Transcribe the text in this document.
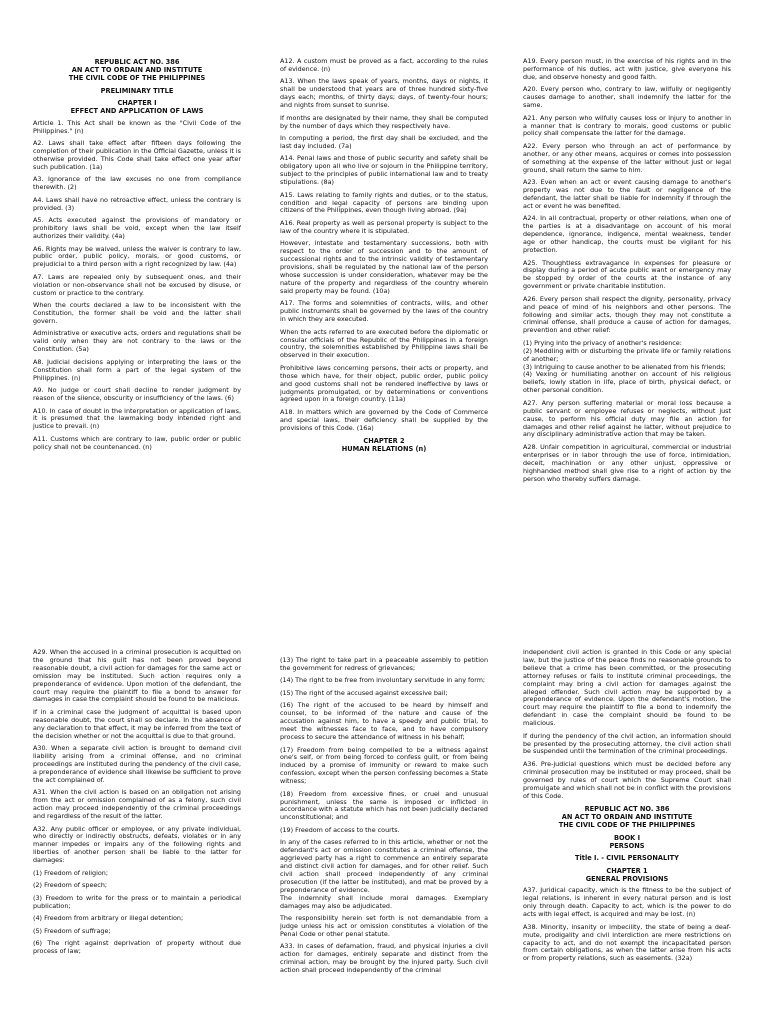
REPUBLIC ACT NO. 386
AN ACT TO ORDAIN AND INSTITUTE
THE CIVIL CODE OF THE PHILIPPINES
PRELIMINARY TITLE
CHAPTER I
EFFECT AND APPLICATION OF LAWS

Article 1. This Act shall be known as the "Civil Code of the Philippines." (n)

A2. Laws shall take effect after fifteen days following the completion of their publication in the Official Gazette, unless it is otherwise provided. This Code shall take effect one year after such publication. (1a)

A3. Ignorance of the law excuses no one from compliance therewith. (2)

A4. Laws shall have no retroactive effect, unless the contrary is provided. (3)

A5. Acts executed against the provisions of mandatory or prohibitory laws shall be void, except when the law itself authorizes their validity. (4a)

A6. Rights may be waived, unless the waiver is contrary to law, public order, public policy, morals, or good customs, or prejudicial to a third person with a right recognized by law. (4a)

A7. Laws are repealed only by subsequent ones, and their violation or non-observance shall not be excused by disuse, or custom or practice to the contrary.

When the courts declared a law to be inconsistent with the Constitution, the former shall be void and the latter shall govern.

Administrative or executive acts, orders and regulations shall be valid only when they are not contrary to the laws or the Constitution. (5a)

A8. Judicial decisions applying or interpreting the laws or the Constitution shall form a part of the legal system of the Philippines. (n)

A9. No judge or court shall decline to render judgment by reason of the silence, obscurity or insufficiency of the laws. (6)

A10. In case of doubt in the interpretation or application of laws, it is presumed that the lawmaking body intended right and justice to prevail. (n)

A11. Customs which are contrary to law, public order or public policy shall not be countenanced. (n)

A12. A custom must be proved as a fact, according to the rules of evidence. (n)

A13. When the laws speak of years, months, days or nights, it shall be understood that years are of three hundred sixty-five days each; months, of thirty days; days, of twenty-four hours; and nights from sunset to sunrise.

If months are designated by their name, they shall be computed by the number of days which they respectively have.

In computing a period, the first day shall be excluded, and the last day included. (7a)

A14. Penal laws and those of public security and safety shall be obligatory upon all who live or sojourn in the Philippine territory, subject to the principles of public international law and to treaty stipulations. (8a)

A15. Laws relating to family rights and duties, or to the status, condition and legal capacity of persons are binding upon citizens of the Philippines, even though living abroad. (9a)

A16. Real property as well as personal property is subject to the law of the country where it is stipulated.

However, intestate and testamentary successions, both with respect to the order of succession and to the amount of successional rights and to the intrinsic validity of testamentary provisions, shall be regulated by the national law of the person whose succession is under consideration, whatever may be the nature of the property and regardless of the country wherein said property may be found. (10a)

A17. The forms and solemnities of contracts, wills, and other public instruments shall be governed by the laws of the country in which they are executed.

When the acts referred to are executed before the diplomatic or consular officials of the Republic of the Philippines in a foreign country, the solemnities established by Philippine laws shall be observed in their execution.

Prohibitive laws concerning persons, their acts or property, and those which have, for their object, public order, public policy and good customs shall not be rendered ineffective by laws or judgments promulgated, or by determinations or conventions agreed upon in a foreign country. (11a)

A18. In matters which are governed by the Code of Commerce and special laws, their deficiency shall be supplied by the provisions of this Code. (16a)

CHAPTER 2
HUMAN RELATIONS (n)

A19. Every person must, in the exercise of his rights and in the performance of his duties, act with justice, give everyone his due, and observe honesty and good faith.

A20. Every person who, contrary to law, wilfully or negligently causes damage to another, shall indemnify the latter for the same.

A21. Any person who wilfully causes loss or injury to another in a manner that is contrary to morals, good customs or public policy shall compensate the latter for the damage.

A22. Every person who through an act of performance by another, or any other means, acquires or comes into possession of something at the expense of the latter without just or legal ground, shall return the same to him.

A23. Even when an act or event causing damage to another's property was not due to the fault or negligence of the defendant, the latter shall be liable for indemnity if through the act or event he was benefited.

A24. In all contractual, property or other relations, when one of the parties is at a disadvantage on account of his moral dependence, ignorance, indigence, mental weakness, tender age or other handicap, the courts must be vigilant for his protection.

A25. Thoughtless extravagance in expenses for pleasure or display during a period of acute public want or emergency may be stopped by order of the courts at the instance of any government or private charitable institution.

A26. Every person shall respect the dignity, personality, privacy and peace of mind of his neighbors and other persons. The following and similar acts, though they may not constitute a criminal offense, shall produce a cause of action for damages, prevention and other relief:

(1) Prying into the privacy of another's residence:
(2) Meddling with or disturbing the private life or family relations of another;
(3) Intriguing to cause another to be alienated from his friends;
(4) Vexing or humiliating another on account of his religious beliefs, lowly station in life, place of birth, physical defect, or other personal condition.

A27. Any person suffering material or moral loss because a public servant or employee refuses or neglects, without just cause, to perform his official duty may file an action for damages and other relief against he latter, without prejudice to any disciplinary administrative action that may be taken.

A28. Unfair competition in agricultural, commercial or industrial enterprises or in labor through the use of force, intimidation, deceit, machination or any other unjust, oppressive or highhanded method shall give rise to a right of action by the person who thereby suffers damage.

A29. When the accused in a criminal prosecution is acquitted on the ground that his guilt has not been proved beyond reasonable doubt, a civil action for damages for the same act or omission may be instituted. Such action requires only a preponderance of evidence. Upon motion of the defendant, the court may require the plaintiff to file a bond to answer for damages in case the complaint should be found to be malicious.

If in a criminal case the judgment of acquittal is based upon reasonable doubt, the court shall so declare. In the absence of any declaration to that effect, it may be inferred from the text of the decision whether or not the acquittal is due to that ground.

A30. When a separate civil action is brought to demand civil liability arising from a criminal offense, and no criminal proceedings are instituted during the pendency of the civil case, a preponderance of evidence shall likewise be sufficient to prove the act complained of.

A31. When the civil action is based on an obligation not arising from the act or omission complained of as a felony, such civil action may proceed independently of the criminal proceedings and regardless of the result of the latter.

A32. Any public officer or employee, or any private individual, who directly or indirectly obstructs, defeats, violates or in any manner impedes or impairs any of the following rights and liberties of another person shall be liable to the latter for damages:

(1) Freedom of religion;

(2) Freedom of speech;

(3) Freedom to write for the press or to maintain a periodical publication;

(4) Freedom from arbitrary or illegal detention;

(5) Freedom of suffrage;

(6) The right against deprivation of property without due process of law;

(13) The right to take part in a peaceable assembly to petition the government for redress of grievances;

(14) The right to be free from involuntary servitude in any form;

(15) The right of the accused against excessive bail;

(16) The right of the accused to be heard by himself and counsel, to be informed of the nature and cause of the accusation against him, to have a speedy and public trial, to meet the witnesses face to face, and to have compulsory process to secure the attendance of witness in his behalf;

(17) Freedom from being compelled to be a witness against one's self, or from being forced to confess guilt, or from being induced by a promise of immunity or reward to make such confession, except when the person confessing becomes a State witness;

(18) Freedom from excessive fines, or cruel and unusual punishment, unless the same is imposed or inflicted in accordance with a statute which has not been judicially declared unconstitutional; and

(19) Freedom of access to the courts.

In any of the cases referred to in this article, whether or not the defendant's act or omission constitutes a criminal offense, the aggrieved party has a right to commence an entirely separate and distinct civil action for damages, and for other relief. Such civil action shall proceed independently of any criminal prosecution (if the latter be instituted), and mat be proved by a preponderance of evidence.
The indemnity shall include moral damages. Exemplary damages may also be adjudicated.

The responsibility herein set forth is not demandable from a judge unless his act or omission constitutes a violation of the Penal Code or other penal statute.

A33. In cases of defamation, fraud, and physical injuries a civil action for damages, entirely separate and distinct from the criminal action, may be brought by the injured party. Such civil action shall proceed independently of the criminal

independent civil action is granted in this Code or any special law, but the justice of the peace finds no reasonable grounds to believe that a crime has been committed, or the prosecuting attorney refuses or fails to institute criminal proceedings, the complaint may bring a civil action for damages against the alleged offender. Such civil action may be supported by a preponderance of evidence. Upon the defendant's motion, the court may require the plaintiff to file a bond to indemnify the defendant in case the complaint should be found to be malicious.

If during the pendency of the civil action, an information should be presented by the prosecuting attorney, the civil action shall be suspended until the termination of the criminal proceedings.

A36. Pre-judicial questions which must be decided before any criminal prosecution may be instituted or may proceed, shall be governed by rules of court which the Supreme Court shall promulgate and which shall not be in conflict with the provisions of this Code.

REPUBLIC ACT NO. 386
AN ACT TO ORDAIN AND INSTITUTE
THE CIVIL CODE OF THE PHILIPPINES
BOOK I
PERSONS
Title I. - CIVIL PERSONALITY
CHAPTER 1
GENERAL PROVISIONS

A37. Juridical capacity, which is the fitness to be the subject of legal relations, is inherent in every natural person and is lost only through death. Capacity to act, which is the power to do acts with legal effect, is acquired and may be lost. (n)

A38. Minority, insanity or imbecility, the state of being a deaf-mute, prodigality and civil interdiction are mere restrictions on capacity to act, and do not exempt the incapacitated person from certain obligations, as when the latter arise from his acts or from property relations, such as easements. (32a)
